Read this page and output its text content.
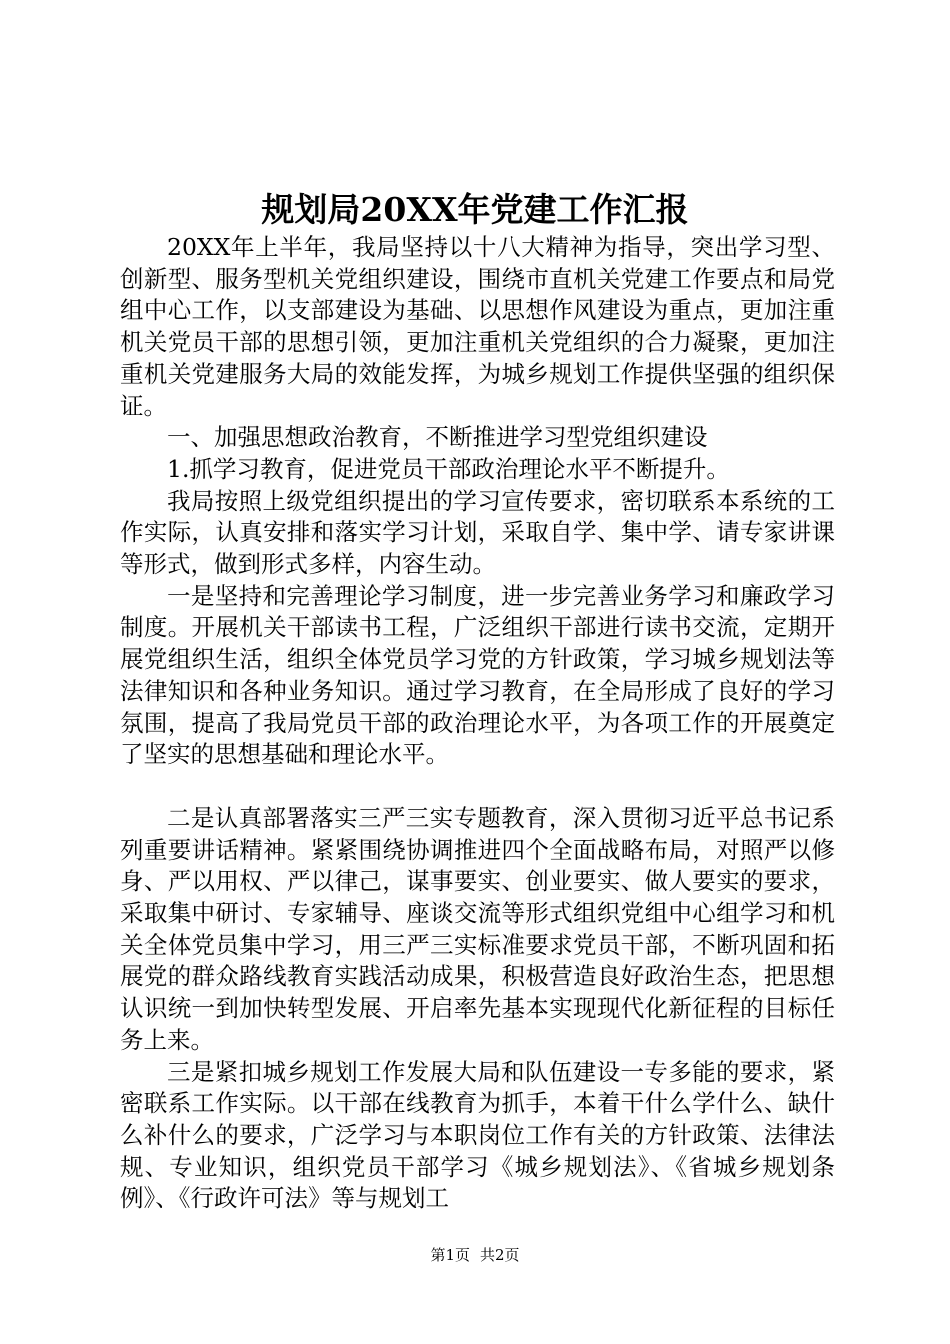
规划局20XX年党建工作汇报

20XX年上半年，我局坚持以十八大精神为指导，突出学习型、创新型、服务型机关党组织建设，围绕市直机关党建工作要点和局党组中心工作，以支部建设为基础、以思想作风建设为重点，更加注重机关党员干部的思想引领，更加注重机关党组织的合力凝聚，更加注重机关党建服务大局的效能发挥，为城乡规划工作提供坚强的组织保证。

一、加强思想政治教育，不断推进学习型党组织建设

1.抓学习教育，促进党员干部政治理论水平不断提升。

我局按照上级党组织提出的学习宣传要求，密切联系本系统的工作实际，认真安排和落实学习计划，采取自学、集中学、请专家讲课等形式，做到形式多样，内容生动。

一是坚持和完善理论学习制度，进一步完善业务学习和廉政学习制度。开展机关干部读书工程，广泛组织干部进行读书交流，定期开展党组织生活，组织全体党员学习党的方针政策，学习城乡规划法等法律知识和各种业务知识。通过学习教育，在全局形成了良好的学习氛围，提高了我局党员干部的政治理论水平，为各项工作的开展奠定了坚实的思想基础和理论水平。

二是认真部署落实三严三实专题教育，深入贯彻习近平总书记系列重要讲话精神。紧紧围绕协调推进四个全面战略布局，对照严以修身、严以用权、严以律己，谋事要实、创业要实、做人要实的要求，采取集中研讨、专家辅导、座谈交流等形式组织党组中心组学习和机关全体党员集中学习，用三严三实标准要求党员干部，不断巩固和拓展党的群众路线教育实践活动成果，积极营造良好政治生态，把思想认识统一到加快转型发展、开启率先基本实现现代化新征程的目标任务上来。

三是紧扣城乡规划工作发展大局和队伍建设一专多能的要求，紧密联系工作实际。以干部在线教育为抓手，本着干什么学什么、缺什么补什么的要求，广泛学习与本职岗位工作有关的方针政策、法律法规、专业知识，组织党员干部学习《城乡规划法》、《省城乡规划条例》、《行政许可法》等与规划工

第1页 共2页
